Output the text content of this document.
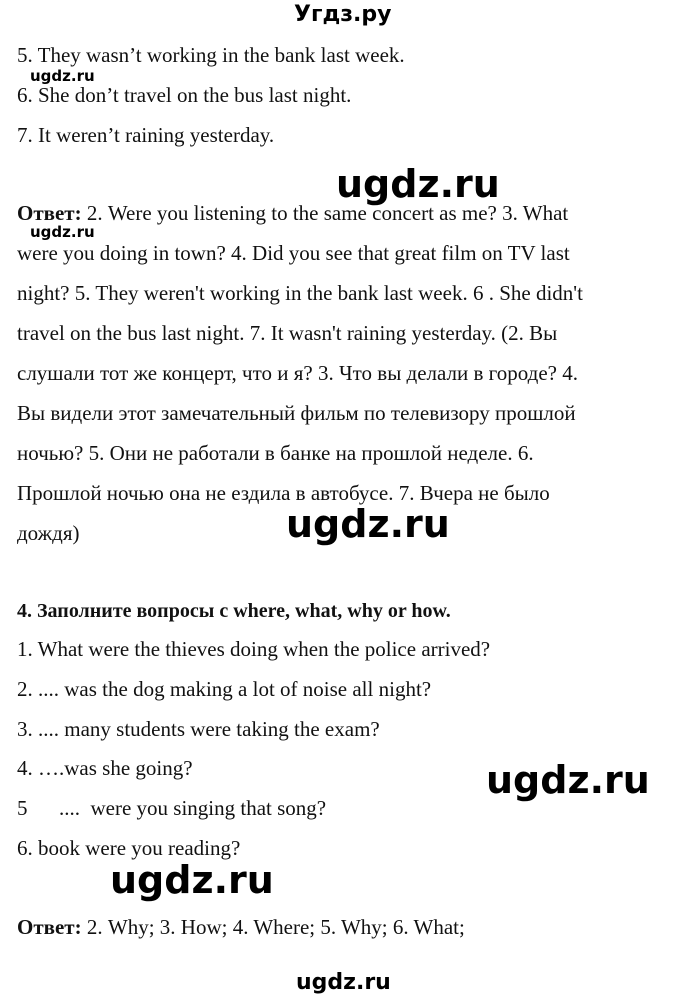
Угдз.ру
5. They wasn’t working in the bank last week.
ugdz.ru
6. She don’t travel on the bus last night.
7. It weren’t raining yesterday.
ugdz.ru
Ответ: 2. Were you listening to the same concert as me? 3. What
were you doing in town? 4. Did you see that great film on TV last
night? 5. They weren't working in the bank last week. 6 . She didn't
travel on the bus last night. 7. It wasn't raining yesterday. (2. Вы
слушали тот же концерт, что и я? 3. Что вы делали в городе? 4.
Вы видели этот замечательный фильм по телевизору прошлой
ночью? 5. Они не работали в банке на прошлой неделе. 6.
Прошлой ночью она не ездила в автобусе. 7. Вчера не было
дождя)
ugdz.ru
ugdz.ru
4. Заполните вопросы с where, what, why or how.
1. What were the thieves doing when the police arrived?
2. .... was the dog making a lot of noise all night?
3. .... many students were taking the exam?
4. ….was she going?	ugdz.ru
5      ....  were you singing that song?
6. book were you reading?
ugdz.ru
Ответ: 2. Why; 3. How; 4. Where; 5. Why; 6. What;
ugdz.ru
